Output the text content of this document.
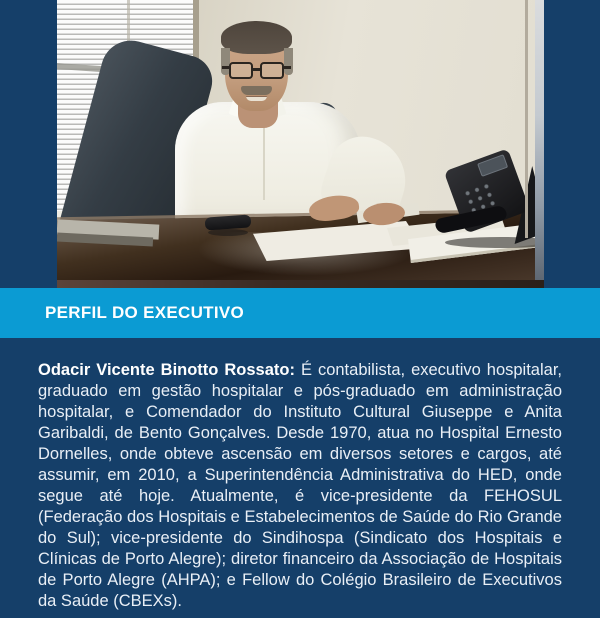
PERFIL DO EXECUTIVO

Odacir Vicente Binotto Rossato: É contabilista, executivo hospitalar, graduado em gestão hospitalar e pós-graduado em administração hospitalar, e Comendador do Instituto Cultural Giuseppe e Anita Garibaldi, de Bento Gonçalves. Desde 1970, atua no Hospital Ernesto Dornelles, onde obteve ascensão em diversos setores e cargos, até assumir, em 2010, a Superintendência Administrativa do HED, onde segue até hoje. Atualmente, é vice-presidente da FEHOSUL (Federação dos Hospitais e Estabelecimentos de Saúde do Rio Grande do Sul); vice-presidente do Sindihospa (Sindicato dos Hospitais e Clínicas de Porto Alegre); diretor financeiro da Associação de Hospitais de Porto Alegre (AHPA); e Fellow do Colégio Brasileiro de Executivos da Saúde (CBEXs).
